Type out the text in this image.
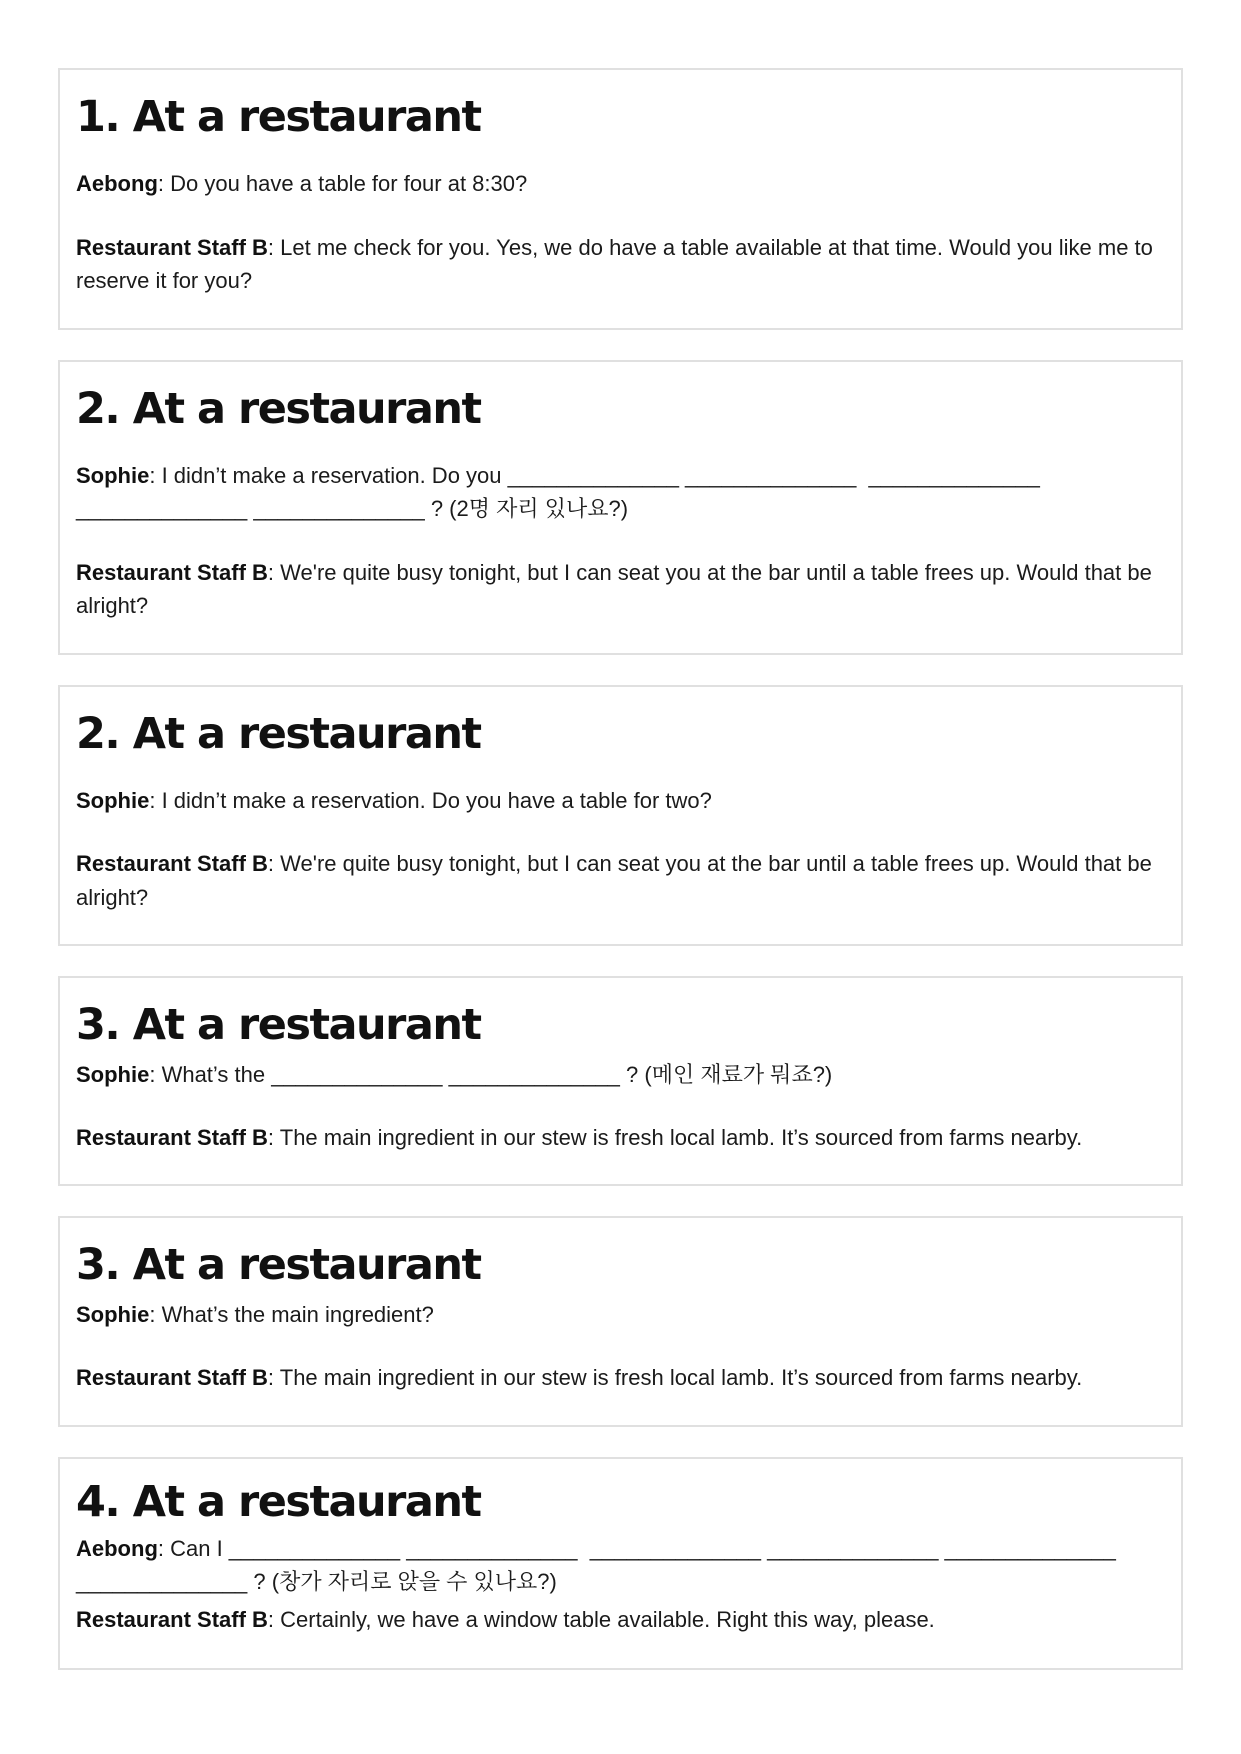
1. At a restaurant

Aebong: Do you have a table for four at 8:30?

Restaurant Staff B: Let me check for you. Yes, we do have a table available at that time. Would you like me to reserve it for you?

2. At a restaurant

Sophie: I didn’t make a reservation. Do you ______________ ______________  ______________ ______________ ______________ ? (2명 자리 있나요?)

Restaurant Staff B: We're quite busy tonight, but I can seat you at the bar until a table frees up. Would that be alright?

2. At a restaurant

Sophie: I didn’t make a reservation. Do you have a table for two?

Restaurant Staff B: We're quite busy tonight, but I can seat you at the bar until a table frees up. Would that be alright?

3. At a restaurant

Sophie: What’s the ______________ ______________ ? (메인 재료가 뭐죠?)

Restaurant Staff B: The main ingredient in our stew is fresh local lamb. It’s sourced from farms nearby.

3. At a restaurant

Sophie: What’s the main ingredient?

Restaurant Staff B: The main ingredient in our stew is fresh local lamb. It’s sourced from farms nearby.

4. At a restaurant

Aebong: Can I ______________ ______________  ______________ ______________ ______________ ______________ ? (창가 자리로 앉을 수 있나요?)

Restaurant Staff B: Certainly, we have a window table available. Right this way, please.
